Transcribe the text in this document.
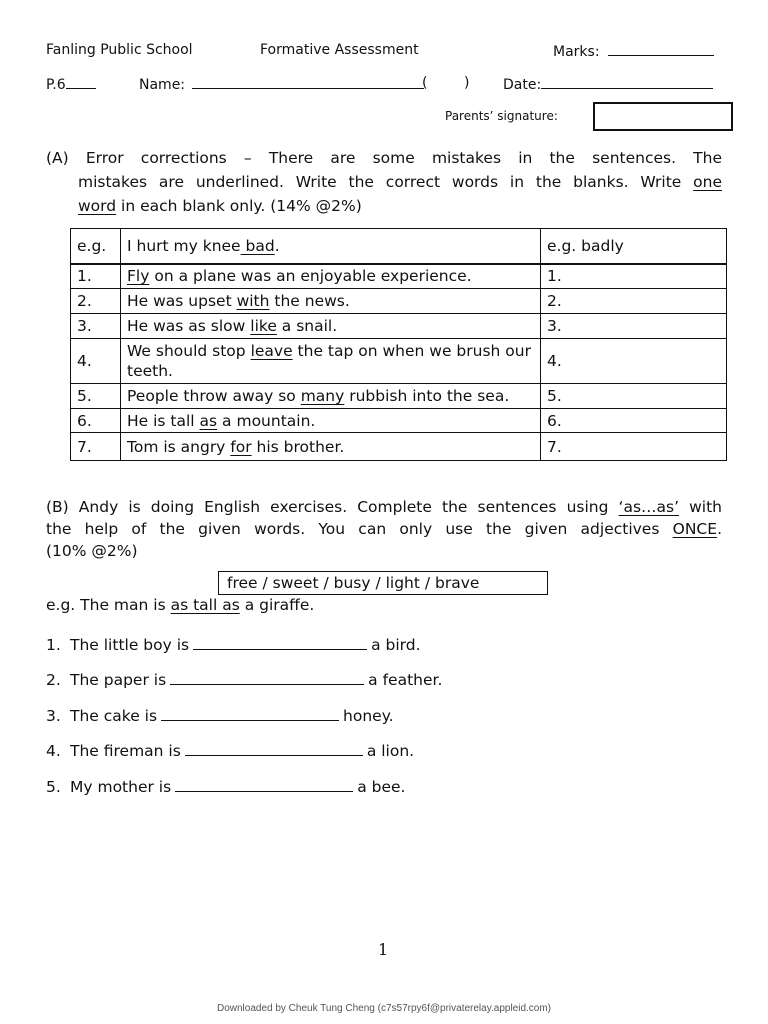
Fanling Public School	Formative Assessment	Marks:
P.6	Name:	(	) Date:
Parents’ signature:
(A) Error corrections – There are some mistakes in the sentences. The
mistakes are underlined. Write the correct words in the blanks. Write one
word in each blank only. (14% @2%)
e.g.	I hurt my knee bad.	e.g. badly
1.	Fly on a plane was an enjoyable experience.	1.
2.	He was upset with the news.	2.
3.	He was as slow like a snail.	3.
4.	We should stop leave the tap on when we brush our teeth.	4.
5.	People throw away so many rubbish into the sea.	5.
6.	He is tall as a mountain.	6.
7.	Tom is angry for his brother.	7.
(B) Andy is doing English exercises. Complete the sentences using ‘as…as’ with
the help of the given words. You can only use the given adjectives ONCE.
(10% @2%)
free / sweet / busy / light / brave
e.g. The man is as tall as a giraffe.
1. The little boy is	a bird.
2. The paper is	a feather.
3. The cake is	honey.
4. The fireman is	a lion.
5. My mother is	a bee.
1
Downloaded by Cheuk Tung Cheng (c7s57rpy6f@privaterelay.appleid.com)
